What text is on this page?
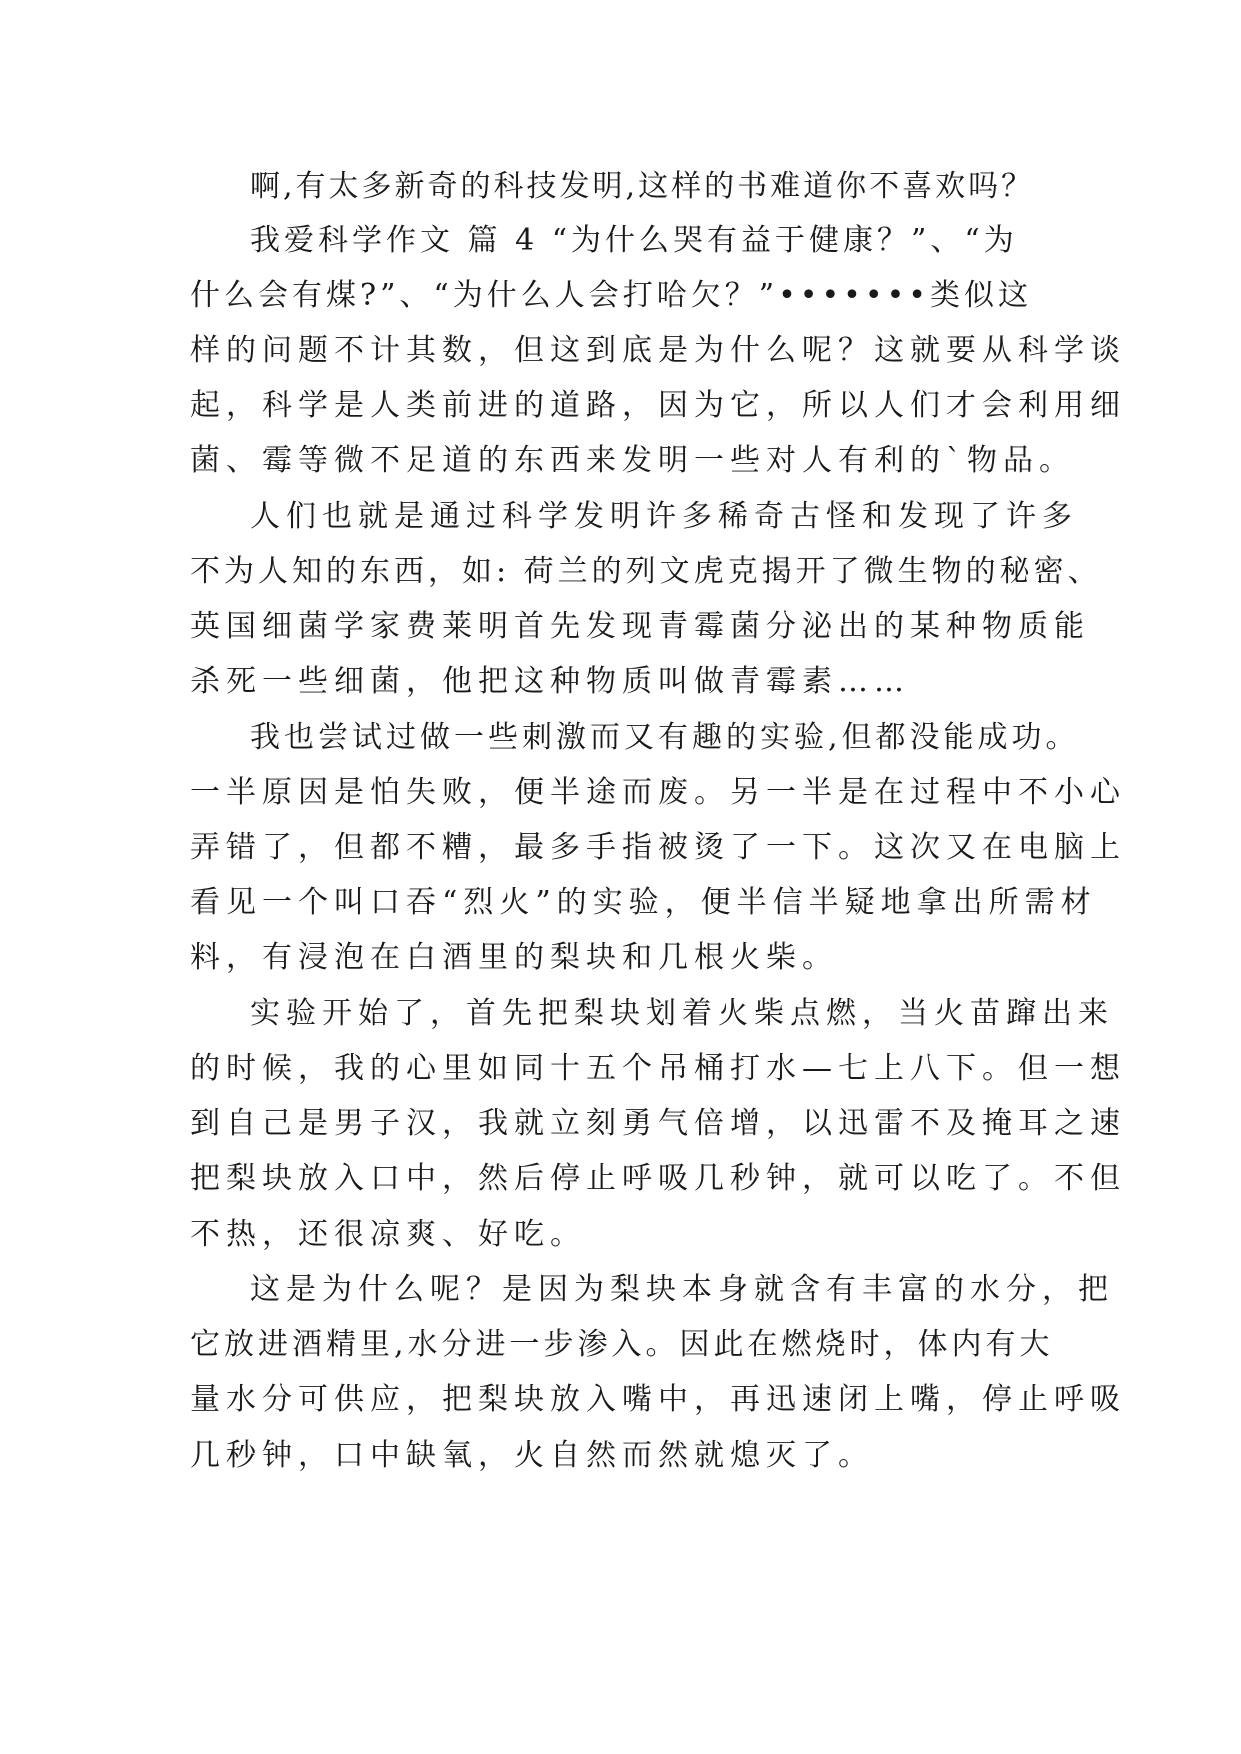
啊,有太多新奇的科技发明,这样的书难道你不喜欢吗？
我爱科学作文 篇 4 “为什么哭有益于健康？”、“为
什么会有煤?”、“为什么人会打哈欠？”•••••••类似这
样的问题不计其数，但这到底是为什么呢？这就要从科学谈
起，科学是人类前进的道路，因为它，所以人们才会利用细
菌、霉等微不足道的东西来发明一些对人有利的`物品。
人们也就是通过科学发明许多稀奇古怪和发现了许多
不为人知的东西，如: 荷兰的列文虎克揭开了微生物的秘密、
英国细菌学家费莱明首先发现青霉菌分泌出的某种物质能
杀死一些细菌，他把这种物质叫做青霉素……
我也尝试过做一些刺激而又有趣的实验,但都没能成功。
一半原因是怕失败，便半途而废。另一半是在过程中不小心
弄错了，但都不糟，最多手指被烫了一下。这次又在电脑上
看见一个叫口吞“烈火”的实验，便半信半疑地拿出所需材
料，有浸泡在白酒里的梨块和几根火柴。
实验开始了，首先把梨块划着火柴点燃，当火苗蹿出来
的时候，我的心里如同十五个吊桶打水—七上八下。但一想
到自己是男子汉，我就立刻勇气倍增，以迅雷不及掩耳之速
把梨块放入口中，然后停止呼吸几秒钟，就可以吃了。不但
不热，还很凉爽、好吃。
这是为什么呢？是因为梨块本身就含有丰富的水分，把
它放进酒精里,水分进一步渗入。因此在燃烧时，体内有大
量水分可供应，把梨块放入嘴中，再迅速闭上嘴，停止呼吸
几秒钟，口中缺氧，火自然而然就熄灭了。
